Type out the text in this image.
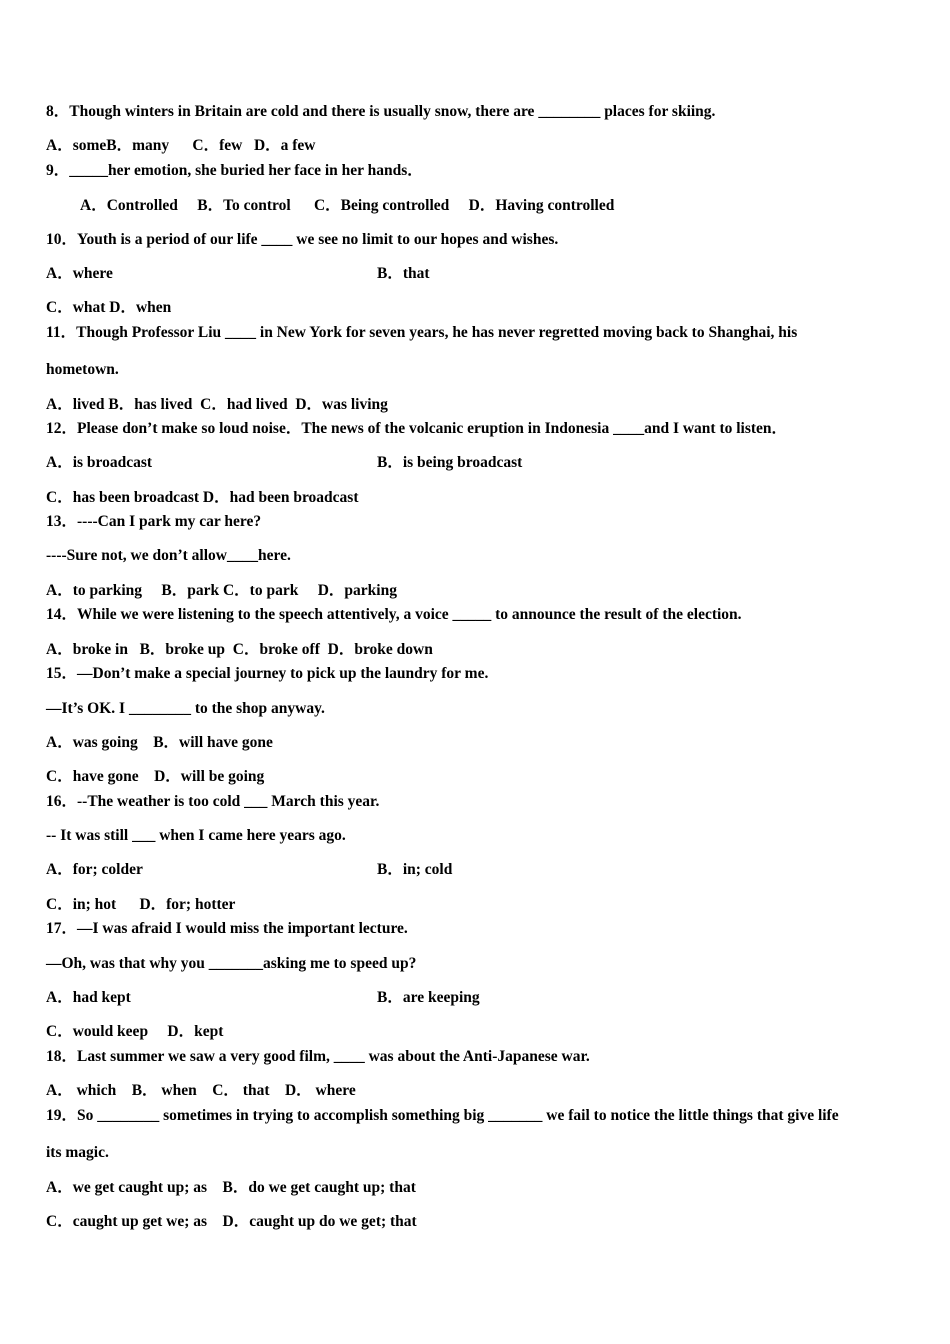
8．Though winters in Britain are cold and there is usually snow, there are ________ places for skiing.
A．someB．many      C．few   D．a few
9．_____her emotion, she buried her face in her hands．
A．Controlled     B．To control      C．Being controlled     D．Having controlled
10．Youth is a period of our life ____ we see no limit to our hopes and wishes.
A．where	B．that
C．what D．when
11．Though Professor Liu ____ in New York for seven years, he has never regretted moving back to Shanghai, his
hometown.
A．lived B．has lived  C．had lived  D．was living
12．Please don’t make so loud noise．The news of the volcanic eruption in Indonesia ____and I want to listen．
A．is broadcast	B．is being broadcast
C．has been broadcast D．had been broadcast
13．----Can I park my car here?
----Sure not, we don’t allow____here.
A．to parking     B．park C．to park     D．parking
14．While we were listening to the speech attentively, a voice _____ to announce the result of the election.
A．broke in   B．broke up  C．broke off  D．broke down
15．—Don’t make a special journey to pick up the laundry for me.
—It’s OK. I ________ to the shop anyway.
A．was going    B．will have gone
C．have gone    D．will be going
16．--The weather is too cold ___ March this year.
-- It was still ___ when I came here years ago.
A．for; colder	B．in; cold
C．in; hot      D．for; hotter
17．—I was afraid I would miss the important lecture.
—Oh, was that why you _______asking me to speed up?
A．had kept	B．are keeping
C．would keep     D．kept
18．Last summer we saw a very good film, ____ was about the Anti-Japanese war.
A． which    B． when    C． that    D． where
19．So ________ sometimes in trying to accomplish something big _______ we fail to notice the little things that give life
its magic.
A．we get caught up; as    B．do we get caught up; that
C．caught up get we; as    D．caught up do we get; that
